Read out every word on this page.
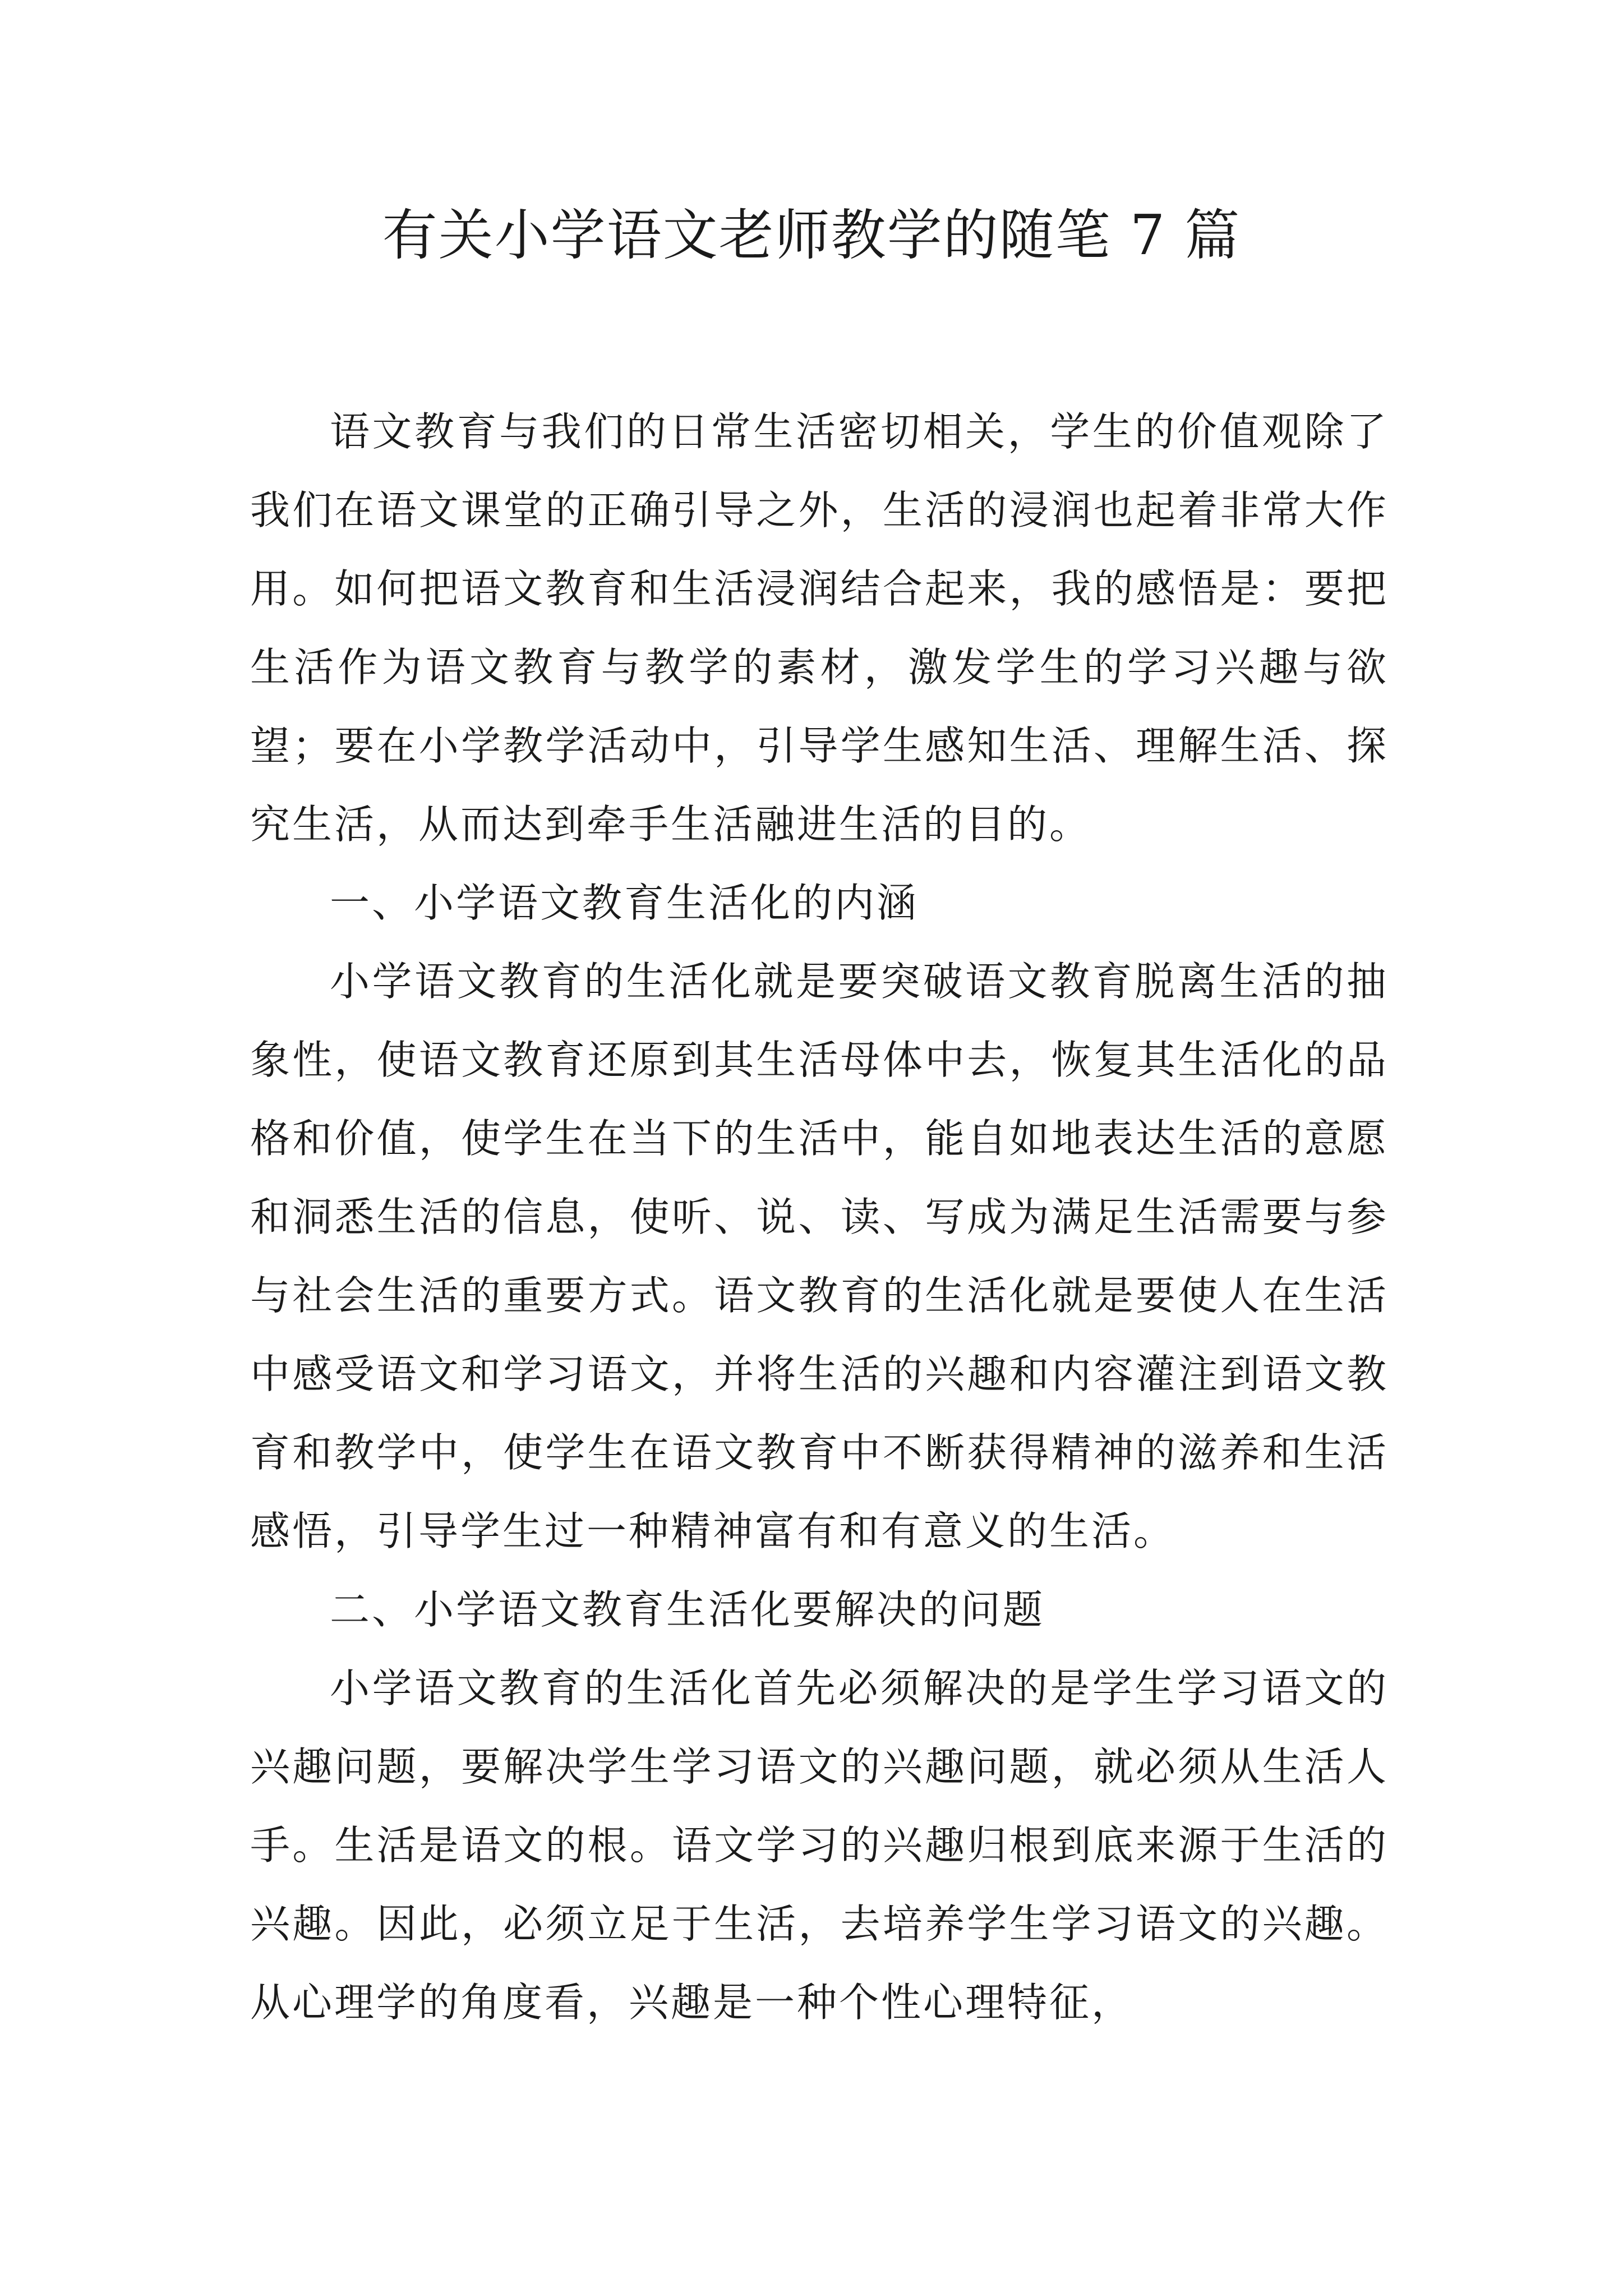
有关小学语文老师教学的随笔 7 篇

语文教育与我们的日常生活密切相关，学生的价值观除了我们在语文课堂的正确引导之外，生活的浸润也起着非常大作用。如何把语文教育和生活浸润结合起来，我的感悟是：要把生活作为语文教育与教学的素材，激发学生的学习兴趣与欲望；要在小学教学活动中，引导学生感知生活、理解生活、探究生活，从而达到牵手生活融进生活的目的。

一、小学语文教育生活化的内涵

小学语文教育的生活化就是要突破语文教育脱离生活的抽象性，使语文教育还原到其生活母体中去，恢复其生活化的品格和价值，使学生在当下的生活中，能自如地表达生活的意愿和洞悉生活的信息，使听、说、读、写成为满足生活需要与参与社会生活的重要方式。语文教育的生活化就是要使人在生活中感受语文和学习语文，并将生活的兴趣和内容灌注到语文教育和教学中，使学生在语文教育中不断获得精神的滋养和生活感悟，引导学生过一种精神富有和有意义的生活。

二、小学语文教育生活化要解决的问题

小学语文教育的生活化首先必须解决的是学生学习语文的兴趣问题，要解决学生学习语文的兴趣问题，就必须从生活人手。生活是语文的根。语文学习的兴趣归根到底来源于生活的兴趣。因此，必须立足于生活，去培养学生学习语文的兴趣。从心理学的角度看，兴趣是一种个性心理特征，
